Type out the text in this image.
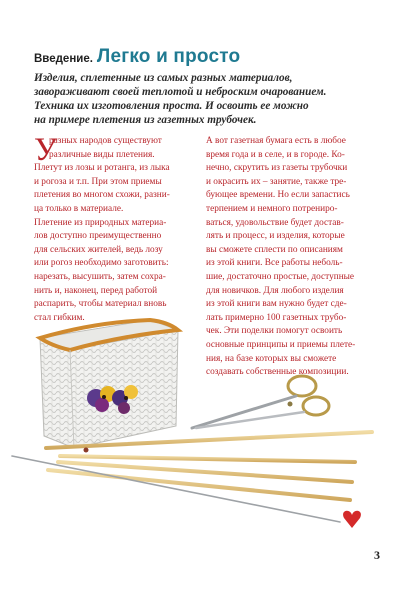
Введение. Легко и просто
Изделия, сплетенные из самых разных материалов,
завораживают своей теплотой и неброским очарованием.
Техника их изготовления проста. И освоить ее можно
на примере плетения из газетных трубочек.
У
разных народов существуют
различные виды плетения.
Плетут из лозы и ротанга, из лыка
и рогоза и т.п. При этом приемы
плетения во многом схожи, разни-
ца только в материале.
Плетение из природных материа-
лов доступно преимущественно
для сельских жителей, ведь лозу
или рогоз необходимо заготовить:
нарезать, высушить, затем сохра-
нить и, наконец, перед работой
распарить, чтобы материал вновь
стал гибким.
А вот газетная бумага есть в любое
время года и в селе, и в городе. Ко-
нечно, скрутить из газеты трубочки
и окрасить их – занятие, также тре-
бующее времени. Но если запастись
терпением и немного потрениро-
ваться, удовольствие будет достав-
лять и процесс, и изделия, которые
вы сможете сплести по описаниям
из этой книги. Все работы неболь-
шие, достаточно простые, доступные
для новичков. Для любого изделия
из этой книги вам нужно будет сде-
лать примерно 100 газетных трубо-
чек. Эти поделки помогут освоить
основные принципы и приемы плете-
ния, на базе которых вы сможете
создавать собственные композиции.
3
